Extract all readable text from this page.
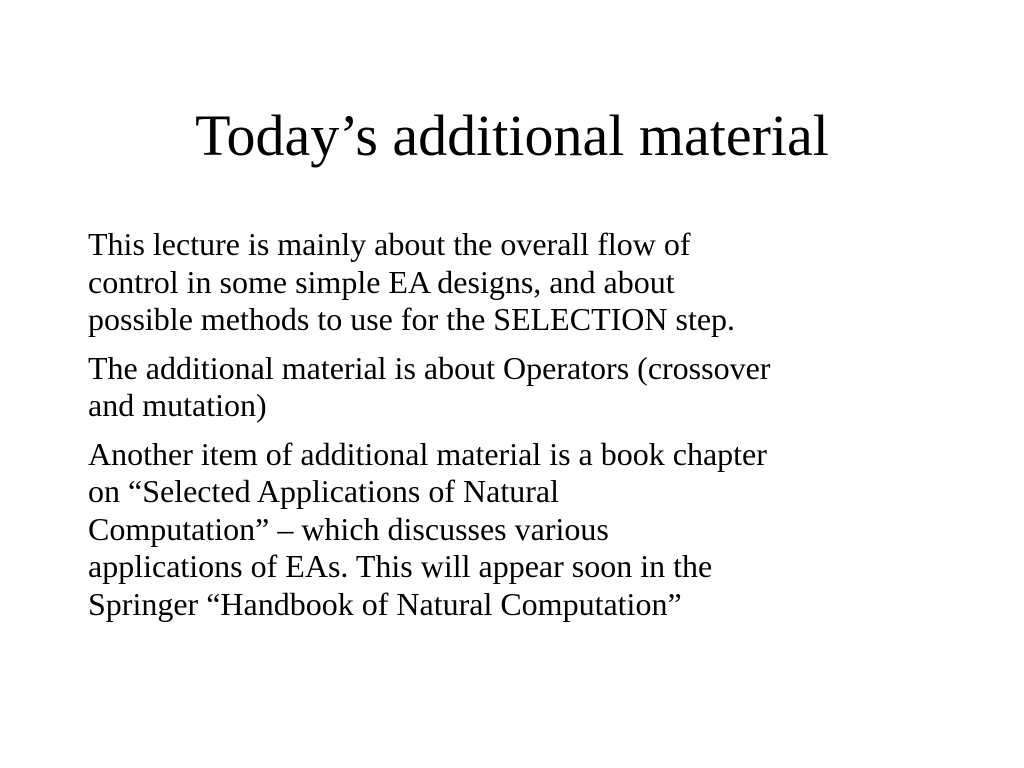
Today’s additional material
This lecture is mainly about the overall flow of
control in some simple EA designs, and about
possible methods to use for the SELECTION step.
The additional material is about Operators (crossover
and mutation)
Another item of additional material is a book chapter
on “Selected Applications of Natural
Computation” – which discusses various
applications of EAs. This will appear soon in the
Springer “Handbook of Natural Computation”
